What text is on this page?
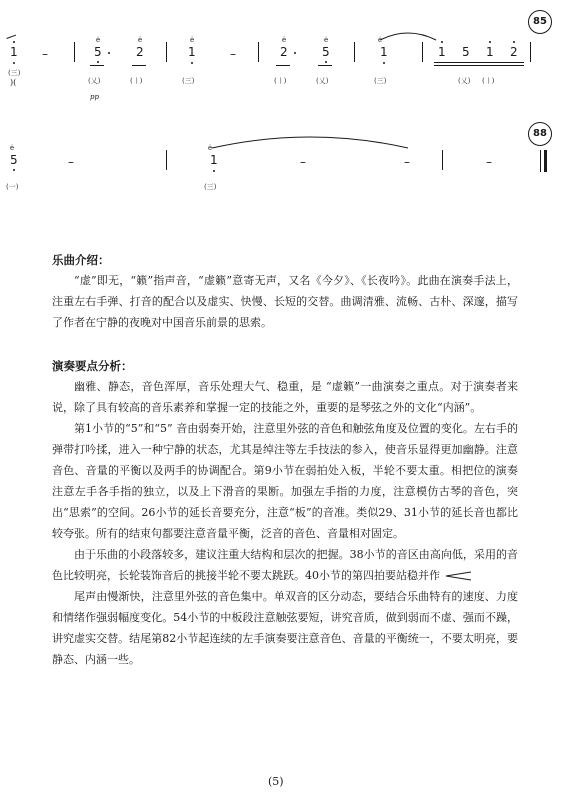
1
(三)
)(
–
ė
5
ė
2
(乂)	(〡)
pp
ė
1
(三)
–
ė
2
ė
5
(〡)	(乂)
ė
1
(三)
1 5 1 2
(乂) (〡)
85
ė
5
(一)
–
ė
1
(三)
–	–	–
88
乐曲介绍：

“虚”即无，“籁”指声音，“虚籁”意寄无声，又名《今夕》、《长夜吟》。此曲在演奏手法上，注重左右手弹、打音的配合以及虚实、快慢、长短的交替。曲调清雅、流畅、古朴、深邃，描写了作者在宁静的夜晚对中国音乐前景的思索。

演奏要点分析：

幽雅、静态，音色浑厚，音乐处理大气、稳重，是 “虚籁”一曲演奏之重点。对于演奏者来说，除了具有较高的音乐素养和掌握一定的技能之外，重要的是琴弦之外的文化“内涵”。

第1小节的“5”和“5” 音由弱奏开始，注意里外弦的音色和触弦角度及位置的变化。左右手的弹带打吟揉，进入一种宁静的状态，尤其是绰注等左手技法的参入，使音乐显得更加幽静。注意音色、音量的平衡以及两手的协调配合。第9小节在弱拍处入板，半轮不要太重。相把位的演奏注意左手各手指的独立，以及上下滑音的果断。加强左手指的力度，注意模仿古琴的音色，突出“思索”的空间。26小节的延长音要充分，注意“板”的音准。类似29、31小节的延长音也都比较夸张。所有的结束句都要注意音量平衡，泛音的音色、音量相对固定。

由于乐曲的小段落较多，建议注重大结构和层次的把握。38小节的音区由高向低，采用的音色比较明亮，长轮装饰音后的挑接半轮不要太跳跃。40小节的第四拍要站稳并作

尾声由慢渐快，注意里外弦的音色集中。单双音的区分动态，要结合乐曲特有的速度、力度和情绪作强弱幅度变化。54小节的中板段注意触弦要短，讲究音质，做到弱而不虚、强而不躁，讲究虚实交替。结尾第82小节起连续的左手演奏要注意音色、音量的平衡统一，不要太明亮，要静态、内涵一些。

(5)
